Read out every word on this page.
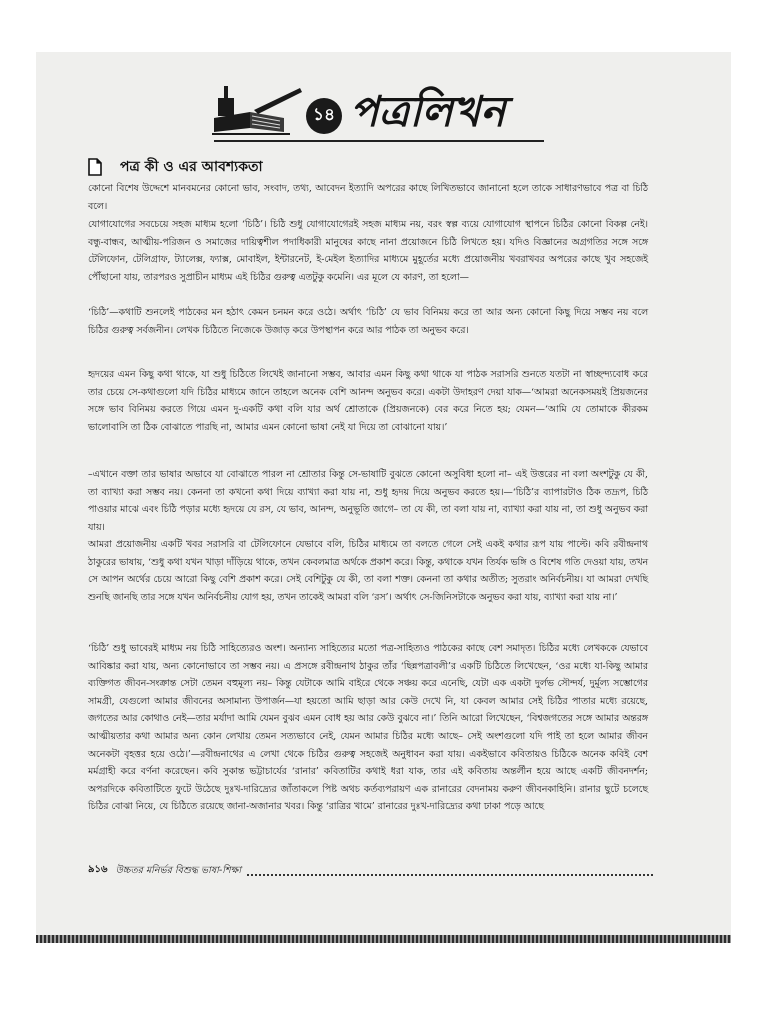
১৪ পত্রলিখন
পত্র কী ও এর আবশ্যকতা

কোনো বিশেষ উদ্দেশে মানবমনের কোনো ভাব, সংবাদ, তথ্য, আবেদন ইত্যাদি অপরের কাছে লিখিতভাবে জানানো হলে তাকে সাধারণভাবে পত্র বা চিঠি বলে।

যোগাযোগের সবচেয়ে সহজ মাধ্যম হলো ‘চিঠি’। চিঠি শুধু যোগাযোগেরই সহজ মাধ্যম নয়, বরং স্বল্প ব্যয়ে যোগাযোগ স্থাপনে চিঠির কোনো বিকল্প নেই। বন্ধু-বান্ধব, আত্মীয়-পরিজন ও সমাজের দায়িত্বশীল পদাধিকারী মানুষের কাছে নানা প্রয়োজনে চিঠি লিখতে হয়। যদিও বিজ্ঞানের অগ্রগতির সঙ্গে সঙ্গে টেলিফোন, টেলিগ্রাফ, ট্যালেক্স, ফ্যাক্স, মোবাইল, ইন্টারনেট, ই-মেইল ইত্যাদির মাধ্যমে মুহূর্তের মধ্যে প্রয়োজনীয় খবরাখবর অপরের কাছে খুব সহজেই পৌঁছানো যায়, তারপরও সুপ্রাচীন মাধ্যম এই চিঠির গুরুত্ব এতটুকু কমেনি। এর মূলে যে কারণ, তা হলো—

‘চিঠি’—কথাটি শুনলেই পাঠকের মন হঠাৎ কেমন চনমন করে ওঠে। অর্থাৎ ‘চিঠি’ যে ভাব বিনিময় করে তা আর অন্য কোনো কিছু দিয়ে সম্ভব নয় বলে চিঠির গুরুত্ব সর্বজনীন। লেখক চিঠিতে নিজেকে উজাড় করে উপস্থাপন করে আর পাঠক তা অনুভব করে।

হৃদয়ের এমন কিছু কথা থাকে, যা শুধু চিঠিতে লিখেই জানানো সম্ভব, আবার এমন কিছু কথা থাকে যা পাঠক সরাসরি শুনতে যতটা না স্বাচ্ছন্দ্যবোধ করে তার চেয়ে সে-কথাগুলো যদি চিঠির মাধ্যমে জানে তাহলে অনেক বেশি আনন্দ অনুভব করে। একটা উদাহরণ দেয়া যাক—‘আমরা অনেকসময়ই প্রিয়জনের সঙ্গে ভাব বিনিময় করতে গিয়ে এমন দু-একটি কথা বলি যার অর্থ শ্রোতাকে (প্রিয়জনকে) বের করে নিতে হয়; যেমন—‘আমি যে তোমাকে কীরকম ভালোবাসি তা ঠিক বোঝাতে পারছি না, আমার এমন কোনো ভাষা নেই যা দিয়ে তা বোঝানো যায়।’

–এখানে বক্তা তার ভাষার অভাবে যা বোঝাতে পারল না শ্রোতার কিন্তু সে-ভাষাটি বুঝতে কোনো অসুবিধা হলো না– এই উত্তরের না বলা অংশটুকু যে কী, তা ব্যাখ্যা করা সম্ভব নয়। কেননা তা কখনো কথা দিয়ে ব্যাখ্যা করা যায় না, শুধু হৃদয় দিয়ে অনুভব করতে হয়।—‘চিঠি’র ব্যাপারটাও ঠিক তদ্রূপ, চিঠি পাওয়ার মাঝে এবং চিঠি পড়ার মধ্যে হৃদয়ে যে রস, যে ভাব, আনন্দ, অনুভূতি জাগে– তা যে কী, তা বলা যায় না, ব্যাখ্যা করা যায় না, তা শুধু অনুভব করা যায়।

আমরা প্রয়োজনীয় একটি খবর সরাসরি বা টেলিফোনে যেভাবে বলি, চিঠির মাধ্যমে তা বলতে গেলে সেই একই কথার রূপ যায় পাল্টে। কবি রবীন্দ্রনাথ ঠাকুরের ভাষায়, ‘শুধু কথা যখন খাড়া দাঁড়িয়ে থাকে, তখন কেবলমাত্র অর্থকে প্রকাশ করে। কিন্তু, কথাকে যখন তির্যক ভঙ্গি ও বিশেষ গতি দেওয়া যায়, তখন সে আপন অর্থের চেয়ে আরো কিছু বেশি প্রকাশ করে। সেই বেশিটুকু যে কী, তা বলা শক্ত। কেননা তা কথার অতীত; সুতরাং অনির্বচনীয়। যা আমরা দেখছি শুনছি জানছি তার সঙ্গে যখন অনির্বচনীয় যোগ হয়, তখন তাকেই আমরা বলি ‘রস’। অর্থাৎ সে-জিনিসটাকে অনুভব করা যায়, ব্যাখ্যা করা যায় না।’

‘চিঠি’ শুধু ভাবেরই মাধ্যম নয় চিঠি সাহিত্যেরও অংশ। অন্যান্য সাহিত্যের মতো পত্র-সাহিত্যও পাঠকের কাছে বেশ সমাদৃত। চিঠির মধ্যে লেখককে যেভাবে আবিষ্কার করা যায়, অন্য কোনোভাবে তা সম্ভব নয়। এ প্রসঙ্গে রবীন্দ্রনাথ ঠাকুর তাঁর ‘ছিন্নপত্রাবলী’র একটি চিঠিতে লিখেছেন, ‘ওর মধ্যে যা-কিছু আমার ব্যক্তিগত জীবন-সংক্রান্ত সেটা তেমন বহুমূল্য নয়– কিন্তু যেটাকে আমি বাইরে থেকে সঞ্চয় করে এনেছি, যেটা এক একটা দুর্লভ সৌন্দর্য, দুর্মূল্য সম্ভোগের সামগ্রী, যেগুলো আমার জীবনের অসামান্য উপার্জন—যা হয়তো আমি ছাড়া আর কেউ দেখে নি, যা কেবল আমার সেই চিঠির পাতার মধ্যে রয়েছে, জগতের আর কোথাও নেই—তার মর্যাদা আমি যেমন বুঝব এমন বোধ হয় আর কেউ বুঝবে না।’ তিনি আরো লিখেছেন, ‘বিশ্বজগতের সঙ্গে আমার অন্তরঙ্গ আত্মীয়তার কথা আমার অন্য কোন লেখায় তেমন সত্যভাবে নেই, যেমন আমার চিঠির মধ্যে আছে– সেই অংশগুলো যদি পাই তা হলে আমার জীবন অনেকটা বৃহত্তর হয়ে ওঠে।’—রবীন্দ্রনাথের এ লেখা থেকে চিঠির গুরুত্ব সহজেই অনুধাবন করা যায়। একইভাবে কবিতায়ও চিঠিকে অনেক কবিই বেশ মর্মগ্রাহী করে বর্ণনা করেছেন। কবি সুকান্ত ভট্টাচার্যের ‘রানার’ কবিতাটির কথাই ধরা যাক, তার এই কবিতায় অন্তর্লীন হয়ে আছে একটি জীবনদর্শন; অপরদিকে কবিতাটিতে ফুটে উঠেছে দুঃখ-দারিদ্র্যের জাঁতাকলে পিষ্ট অথচ কর্তব্যপরায়ণ এক রানারের বেদনাময় করুণ জীবনকাহিনি। রানার ছুটে চলেছে চিঠির বোঝা নিয়ে, যে চিঠিতে রয়েছে জানা-অজানার খবর। কিন্তু ‘রাত্রির খামে’ রানারের দুঃখ-দারিদ্র্যের কথা ঢাকা পড়ে আছে

৯১৬ উচ্চতর মনির্ভর বিশুদ্ধ ভাষা-শিক্ষা
